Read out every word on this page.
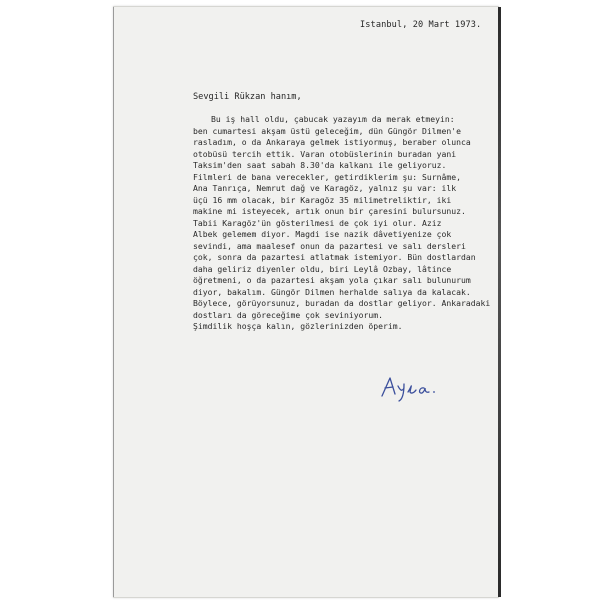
Istanbul, 20 Mart 1973.
Sevgili Rükzan hanım,
Bu iş hall oldu, çabucak yazayım da merak etmeyin:
ben cumartesi akşam üstü geleceğim, dün Güngör Dilmen'e
rasladım, o da Ankaraya gelmek istiyormuş, beraber olunca
otobüsü tercih ettik. Varan otobüslerinin buradan yani
Taksim'den saat sabah 8.30'da kalkanı ile geliyoruz.
Filmleri de bana verecekler, getirdiklerim şu: Surnâme,
Ana Tanrıça, Nemrut dağ ve Karagöz, yalnız şu var: ilk
üçü 16 mm olacak, bir Karagöz 35 milimetreliktir, iki
makine mi isteyecek, artık onun bir çaresini bulursunuz.
Tabii Karagöz'ün gösterilmesi de çok iyi olur. Aziz
Albek gelemem diyor. Magdi ise nazik dâvetiyenize çok
sevindi, ama maalesef onun da pazartesi ve salı dersleri
çok, sonra da pazartesi atlatmak istemiyor. Bün dostlardan
daha geliriz diyenler oldu, biri Leylâ Ozbay, lâtince
öğretmeni, o da pazartesi akşam yola çıkar salı bulunurum
diyor, bakalım. Güngör Dilmen herhalde salıya da kalacak.
Böylece, görüyorsunuz, buradan da dostlar geliyor. Ankaradaki
dostları da göreceğime çok seviniyorum.
Şimdilik hoşça kalın, gözlerinizden öperim.
